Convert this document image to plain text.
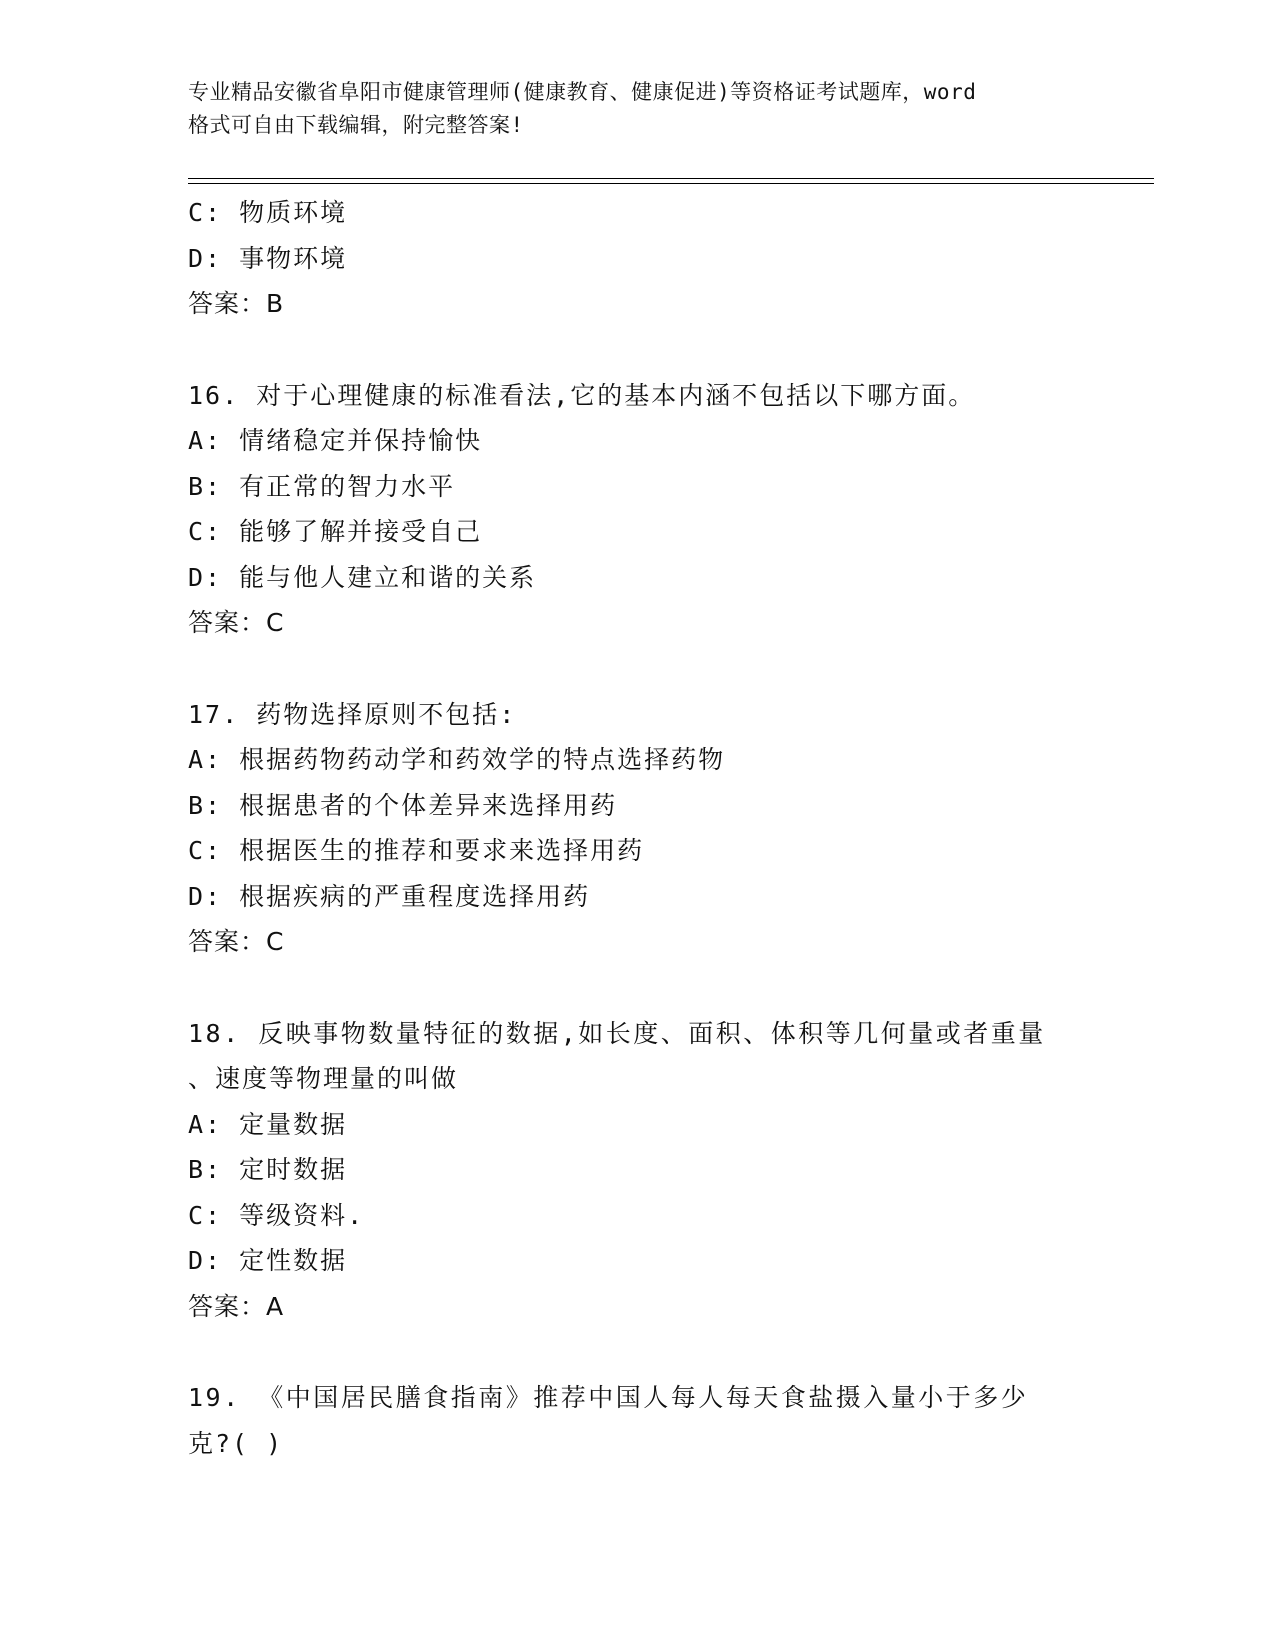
专业精品安徽省阜阳市健康管理师(健康教育、健康促进)等资格证考试题库，word
格式可自由下载编辑，附完整答案!
C: 物质环境
D: 事物环境
答案：B
16. 对于心理健康的标准看法,它的基本内涵不包括以下哪方面。
A: 情绪稳定并保持愉快
B: 有正常的智力水平
C: 能够了解并接受自己
D: 能与他人建立和谐的关系
答案：C
17. 药物选择原则不包括:
A: 根据药物药动学和药效学的特点选择药物
B: 根据患者的个体差异来选择用药
C: 根据医生的推荐和要求来选择用药
D: 根据疾病的严重程度选择用药
答案：C
18. 反映事物数量特征的数据,如长度、面积、体积等几何量或者重量
、速度等物理量的叫做
A: 定量数据
B: 定时数据
C: 等级资料.
D: 定性数据
答案：A
19. 《中国居民膳食指南》推荐中国人每人每天食盐摄入量小于多少
克?( )
